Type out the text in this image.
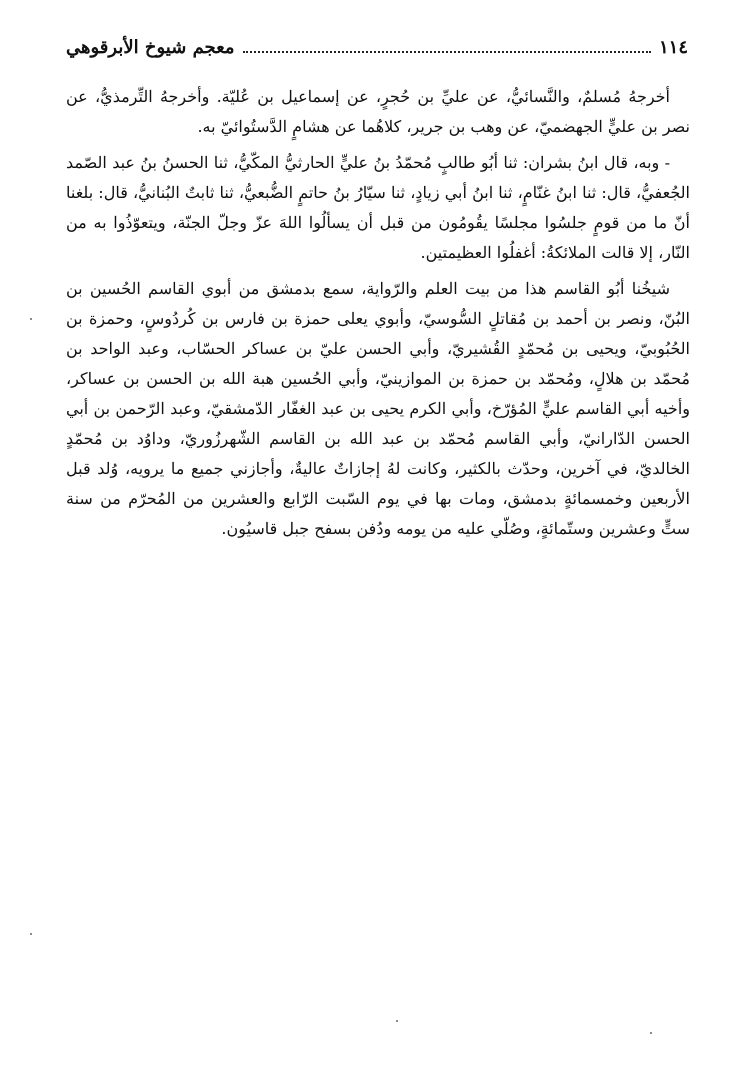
١١٤
معجم شيوخ الأبرقوهي

أخرجهُ مُسلمٌ، والنَّسائيُّ، عن عليِّ بن حُجرٍ، عن إسماعيل بن عُليّة. وأخرجهُ التِّرمذيُّ، عن نصر بن عليٍّ الجهضميّ، عن وهب بن جرير، كلاهُما عن هشامٍ الدَّستُوائيّ به.

- وبه، قال ابنُ بشران: ثنا أبُو طالبٍ مُحمّدُ بنُ عليٍّ الحارثيُّ المكّيُّ، ثنا الحسنُ بنُ عبد الصّمد الجُعفيُّ، قال: ثنا ابنُ غنّامٍ، ثنا ابنُ أبي زيادٍ، ثنا سيّارُ بنُ حاتمٍ الضُّبعيُّ، ثنا ثابتٌ البُنانيُّ، قال: بلغنا أنّ ما من قومٍ جلسُوا مجلسًا يقُومُون من قبل أن يسألُوا اللهَ عزّ وجلّ الجنّة، ويتعوّذُوا به من النّار، إلا قالت الملائكةُ: أغفلُوا العظيمتين.

شيخُنا أبُو القاسم هذا من بيت العلم والرّواية، سمع بدمشق من أبوي القاسم الحُسين بن البُنّ، ونصر بن أحمد بن مُقاتلٍ السُّوسيّ، وأبوي يعلى حمزة بن فارس بن كُردُوسٍ، وحمزة بن الحُبُوبيّ، ويحيى بن مُحمّدٍ القُشيريّ، وأبي الحسن عليّ بن عساكر الحسّاب، وعبد الواحد بن مُحمّد بن هلالٍ، ومُحمّد بن حمزة بن الموازينيّ، وأبي الحُسين هبة الله بن الحسن بن عساكر، وأخيه أبي القاسم عليٍّ المُؤرّخ، وأبي الكرم يحيى بن عبد الغفّار الدّمشقيّ، وعبد الرّحمن بن أبي الحسن الدّارانيّ، وأبي القاسم مُحمّد بن عبد الله بن القاسم الشّهرزُوريّ، وداوُد بن مُحمّدٍ الخالديّ، في آخرين، وحدّث بالكثير، وكانت لهُ إجازاتٌ عاليةٌ، وأجازني جميع ما يرويه، وُلد قبل الأربعين وخمسمائةٍ بدمشق، ومات بها في يوم السّبت الرّابع والعشرين من المُحرّم من سنة ستٍّ وعشرين وستّمائةٍ، وصُلّي عليه من يومه ودُفن بسفح جبل قاسيُون.
